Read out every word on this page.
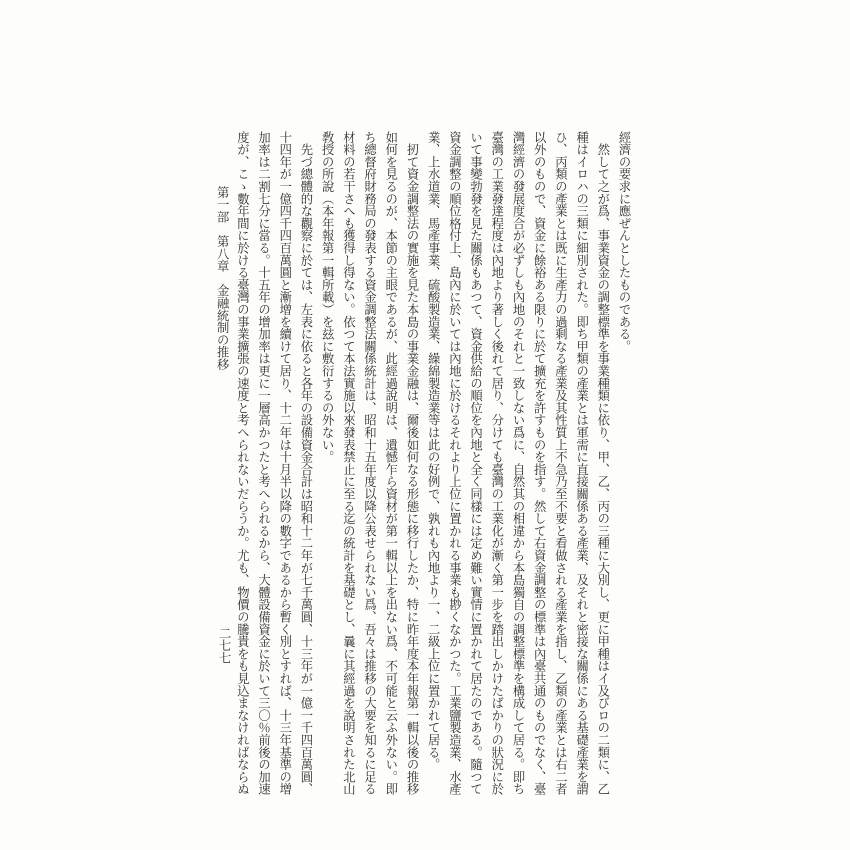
經濟の要求に應ぜんとしたものである。
　然して之が爲、事業資金の調整標準を事業種類に依り、甲、乙、丙の三種に大別し、更に甲種はイ及びロの二類に、乙
種はイロハの三類に細別された。即ち甲類の產業とは軍需に直接關係ある產業、及それと密接な關係にある基礎產業を謂
ひ、丙類の產業とは既に生產力の過剩なる產業及其性質上不急乃至不要と看做される產業を指し、乙類の產業とは右二者
以外のもので、資金に餘裕ある限りに於て擴充を許すものを指す。然して右資金調整の標準は內臺共通のものでなく、臺
灣經濟の發展度合が必ずしも內地のそれと一致しない爲に、自然其の相違から本島獨自の調整標準を構成して居る。即ち
臺灣の工業發達程度は內地より著しく後れて居り、分けても臺灣の工業化が漸く第一步を踏出しかけたばかりの狀況に於
いて事變勃發を見た關係もあつて、資金供給の順位を內地と全く同樣には定め難い實情に置かれて居たのである。隨つて
資金調整の順位格付上、島內に於いては內地に於けるそれより上位に置かれる事業も尠くなかつた。工業鹽製造業、水產
業、上水道業、馬產事業、硫酸製造業、繰綿製造業等は此の好例で、孰れも內地より一、二級上位に置かれて居る。
　扨て資金調整法の實施を見た本島の事業金融は、爾後如何なる形態に移行したか、特に昨年度本年報第一輯以後の推移
如何を見るのが、本節の主眼であるが、此經過說明は、遺憾乍ら資材が第一輯以上を出ない爲、不可能と云ふ外ない。即
ち總督府財務局の發表する資金調整法關係統計は、昭和十五年度以降公表せられない爲、吾々は推移の大要を知るに足る
材料の若干さへも獲得し得ない。依つて本法實施以來發表禁止に至る迄の統計を基礎とし、曩に其經過を說明された北山
敎授の所說（本年報第一輯所載）を玆に敷衍するの外ない。
　先づ總體的な觀察に於ては、左表に依ると各年の設備資金合計は昭和十二年が七千萬圓、十三年が一億一千四百萬圓、
十四年が一億四千四百萬圓と漸增を續けて居り、十二年は十月半以降の數字であるから暫く別とすれば、十三年基準の增
加率は二割七分に當る。十五年の增加率は更に一層高かつたと考へられるから、大體設備資金に於いて三〇％前後の加速
度が、こゝ數年間に於ける臺灣の事業擴張の速度と考へられないだらうか。尤も、物價の騰貴をも見込まなければならぬ
第一部　第八章　金融統制の推移
二七七
